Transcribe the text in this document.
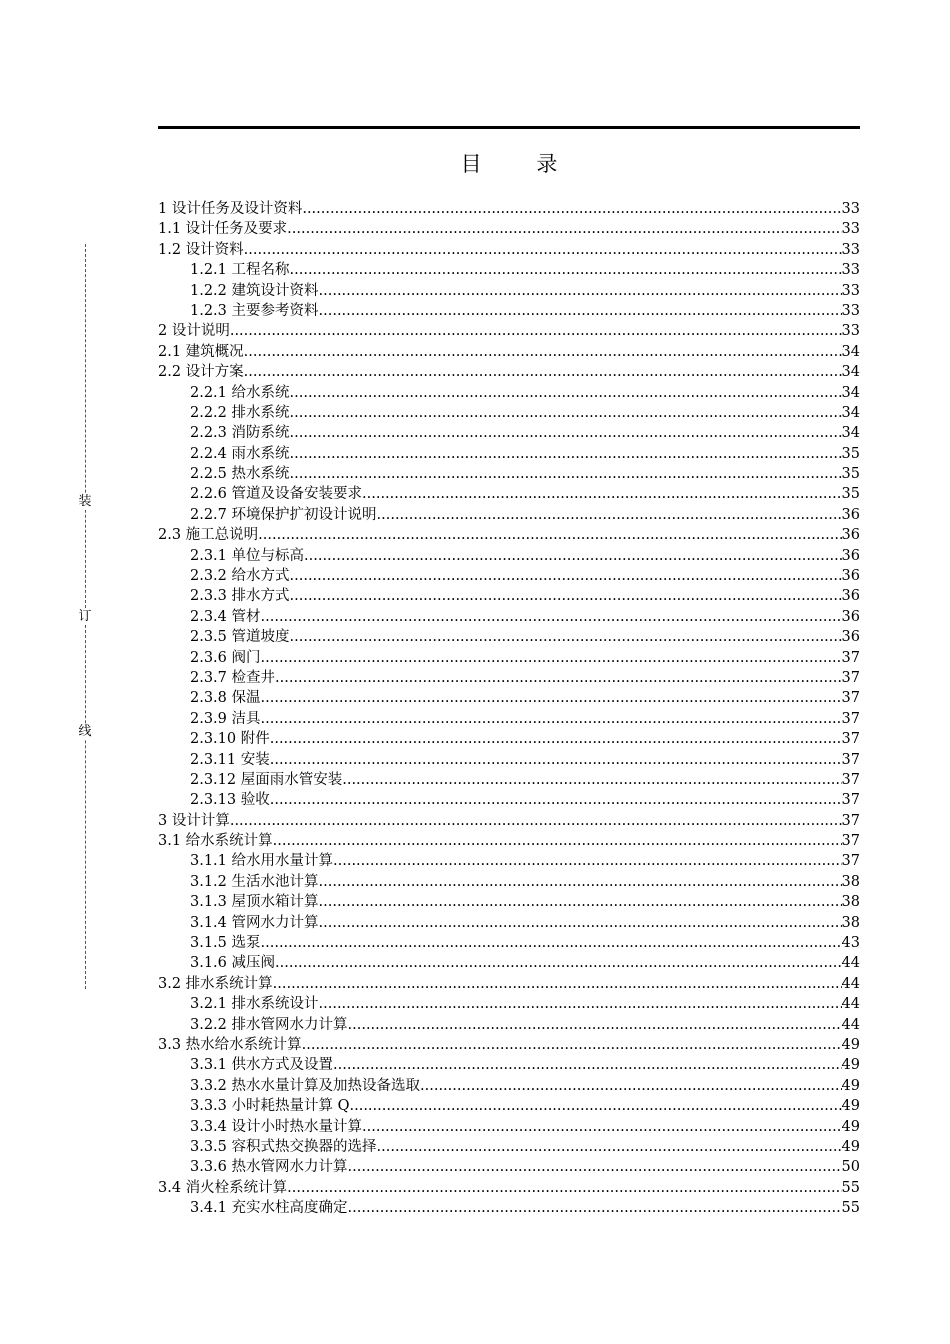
目 录
装
订
线
1 设计任务及设计资料 .....	33
1.1 设计任务及要求 .....	33
1.2 设计资料 .....	33
1.2.1 工程名称 .....	33
1.2.2 建筑设计资料 .....	33
1.2.3 主要参考资料 .....	33
2 设计说明 .....	33
2.1 建筑概况 .....	34
2.2 设计方案 .....	34
2.2.1 给水系统 .....	34
2.2.2 排水系统 .....	34
2.2.3 消防系统 .....	34
2.2.4 雨水系统 .....	35
2.2.5 热水系统 .....	35
2.2.6 管道及设备安装要求 .....	35
2.2.7 环境保护扩初设计说明 .....	36
2.3 施工总说明 .....	36
2.3.1 单位与标高 .....	36
2.3.2 给水方式 .....	36
2.3.3 排水方式 .....	36
2.3.4 管材 .....	36
2.3.5 管道坡度 .....	36
2.3.6 阀门 .....	37
2.3.7 检查井 .....	37
2.3.8 保温 .....	37
2.3.9 洁具 .....	37
2.3.10 附件 .....	37
2.3.11 安装 .....	37
2.3.12 屋面雨水管安装 .....	37
2.3.13 验收 .....	37
3 设计计算 .....	37
3.1 给水系统计算 .....	37
3.1.1 给水用水量计算 .....	37
3.1.2 生活水池计算 .....	38
3.1.3 屋顶水箱计算 .....	38
3.1.4 管网水力计算 .....	38
3.1.5 选泵 .....	43
3.1.6 减压阀 .....	44
3.2 排水系统计算 .....	44
3.2.1 排水系统设计 .....	44
3.2.2 排水管网水力计算 .....	44
3.3 热水给水系统计算 .....	49
3.3.1 供水方式及设置 .....	49
3.3.2 热水水量计算及加热设备选取 .....	49
3.3.3 小时耗热量计算 Q .....	49
3.3.4 设计小时热水量计算 .....	49
3.3.5 容积式热交换器的选择 .....	49
3.3.6 热水管网水力计算 .....	50
3.4 消火栓系统计算 .....	55
3.4.1 充实水柱高度确定 .....	55
